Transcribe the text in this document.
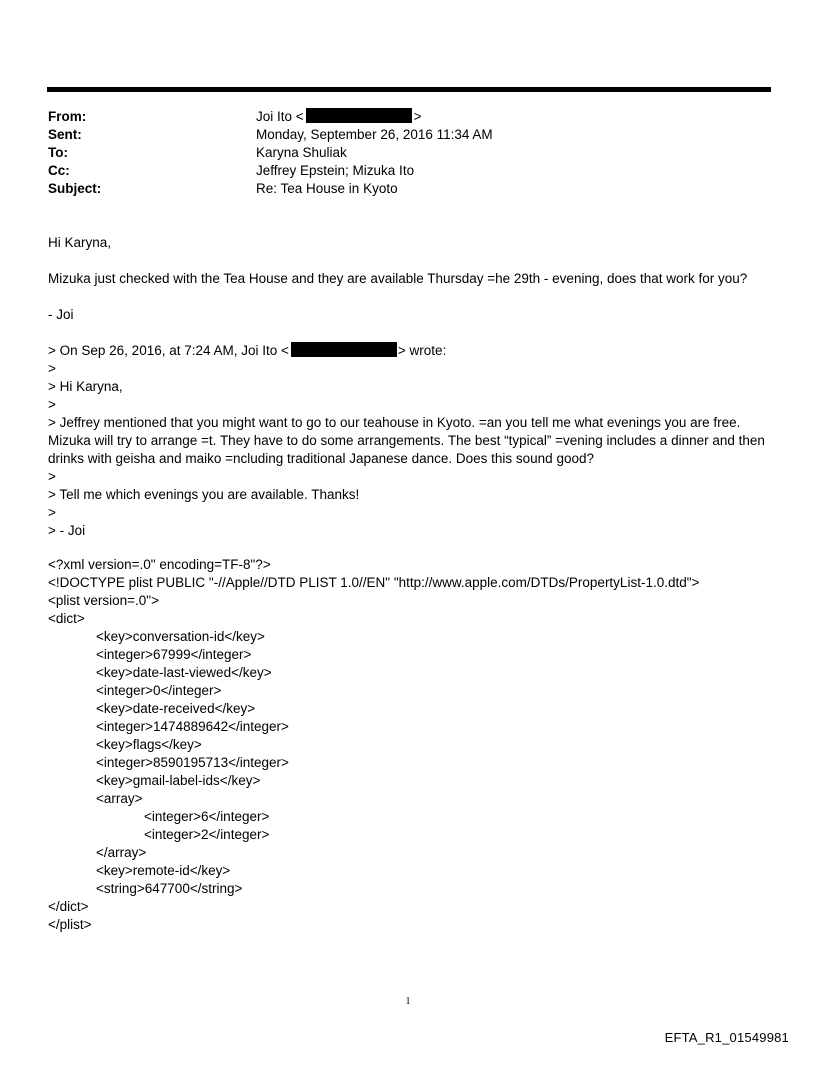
From:	Joi Ito <	>
Sent:	Monday, September 26, 2016 11:34 AM
To:	Karyna Shuliak
Cc:	Jeffrey Epstein; Mizuka Ito
Subject:	Re: Tea House in Kyoto

Hi Karyna,

Mizuka just checked with the Tea House and they are available Thursday =he 29th - evening, does that work for you?

- Joi

> On Sep 26, 2016, at 7:24 AM, Joi Ito <	> wrote:

>

> Hi Karyna,

>

> Jeffrey mentioned that you might want to go to our teahouse in Kyoto. =an you tell me what evenings you are free. Mizuka will try to arrange =t. They have to do some arrangements. The best “typical” =vening includes a dinner and then drinks with geisha and maiko =ncluding traditional Japanese dance. Does this sound good?

>

> Tell me which evenings you are available. Thanks!

>

> - Joi

<?xml version=.0" encoding=TF-8"?>
<!DOCTYPE plist PUBLIC "-//Apple//DTD PLIST 1.0//EN" "http://www.apple.com/DTDs/PropertyList-1.0.dtd">
<plist version=.0">
<dict>
<key>conversation-id</key>
<integer>67999</integer>
<key>date-last-viewed</key>
<integer>0</integer>
<key>date-received</key>
<integer>1474889642</integer>
<key>flags</key>
<integer>8590195713</integer>
<key>gmail-label-ids</key>
<array>
<integer>6</integer>
<integer>2</integer>
</array>
<key>remote-id</key>
<string>647700</string>
</dict>
</plist>
1
EFTA_R1_01549981
